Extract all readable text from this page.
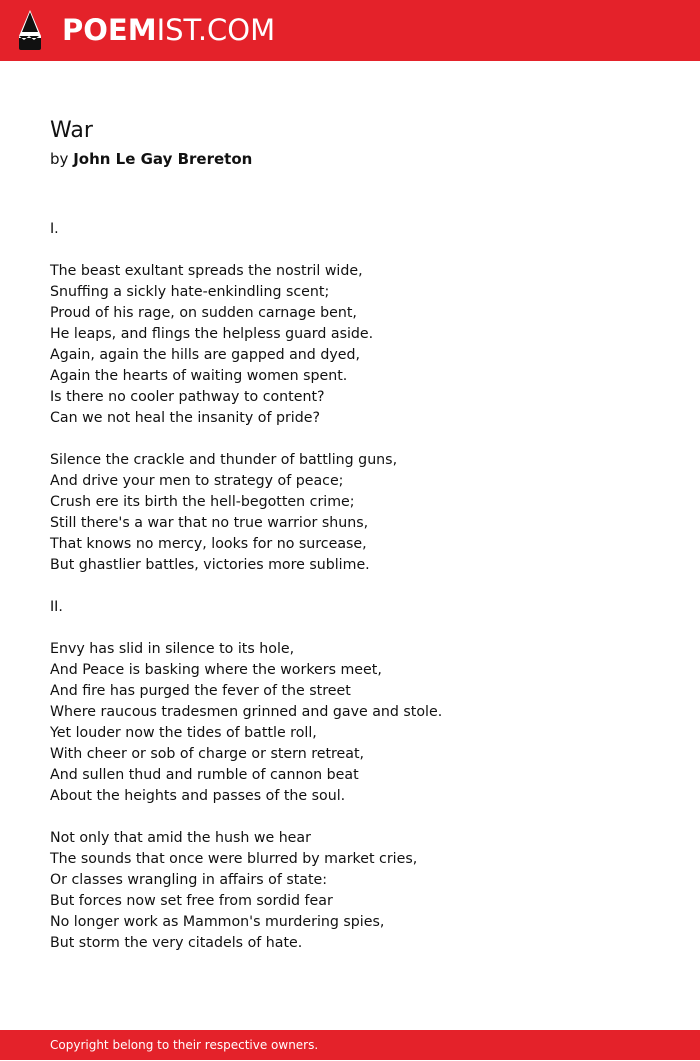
POEMIST.COM
War
by John Le Gay Brereton
I.
The beast exultant spreads the nostril wide,
Snuffing a sickly hate-enkindling scent;
Proud of his rage, on sudden carnage bent,
He leaps, and flings the helpless guard aside.
Again, again the hills are gapped and dyed,
Again the hearts of waiting women spent.
Is there no cooler pathway to content?
Can we not heal the insanity of pride?
Silence the crackle and thunder of battling guns,
And drive your men to strategy of peace;
Crush ere its birth the hell-begotten crime;
Still there's a war that no true warrior shuns,
That knows no mercy, looks for no surcease,
But ghastlier battles, victories more sublime.
II.
Envy has slid in silence to its hole,
And Peace is basking where the workers meet,
And fire has purged the fever of the street
Where raucous tradesmen grinned and gave and stole.
Yet louder now the tides of battle roll,
With cheer or sob of charge or stern retreat,
And sullen thud and rumble of cannon beat
About the heights and passes of the soul.
Not only that amid the hush we hear
The sounds that once were blurred by market cries,
Or classes wrangling in affairs of state:
But forces now set free from sordid fear
No longer work as Mammon's murdering spies,
But storm the very citadels of hate.
Copyright belong to their respective owners.
